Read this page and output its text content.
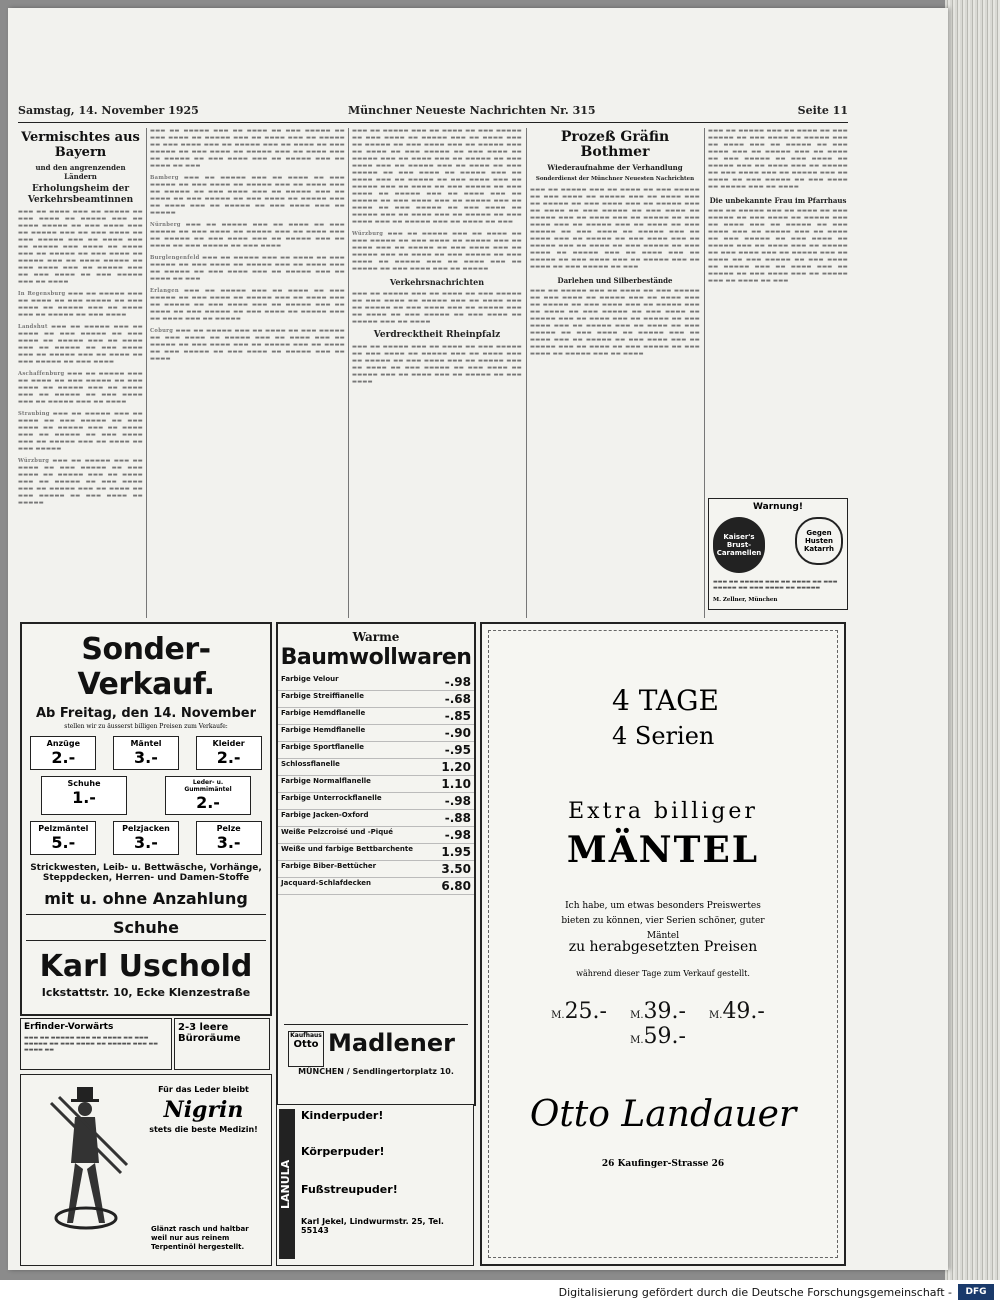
Samstag, 14. November 1925	Münchner Neueste Nachrichten Nr. 315	Seite 11
Vermischtes aus Bayern
und den angrenzenden Ländern
Erholungsheim der Verkehrsbeamtinnen
▬▬▬ ▬▬ ▬▬▬▬ ▬▬▬ ▬▬ ▬▬▬▬▬ ▬▬ ▬▬▬ ▬▬▬▬ ▬▬ ▬▬▬▬▬ ▬▬▬ ▬▬ ▬▬▬▬ ▬▬▬▬▬ ▬▬ ▬▬▬ ▬▬▬▬ ▬▬▬ ▬▬ ▬▬▬▬▬ ▬▬▬ ▬▬ ▬▬▬ ▬▬▬▬ ▬▬ ▬▬▬ ▬▬▬▬▬ ▬▬▬ ▬▬ ▬▬▬▬ ▬▬▬ ▬▬ ▬▬▬▬▬ ▬▬▬ ▬▬▬▬ ▬▬ ▬▬▬▬ ▬▬▬ ▬▬ ▬▬▬▬▬ ▬▬ ▬▬▬ ▬▬▬▬ ▬▬ ▬▬▬▬▬ ▬▬▬ ▬▬ ▬▬▬▬ ▬▬▬▬▬ ▬▬ ▬▬▬ ▬▬▬▬ ▬▬▬ ▬▬ ▬▬▬▬▬ ▬▬▬ ▬▬ ▬▬▬ ▬▬▬▬ ▬▬ ▬▬▬ ▬▬▬▬▬ ▬▬▬ ▬▬ ▬▬▬▬
In Regensburg ▬▬▬ ▬▬ ▬▬▬▬▬ ▬▬▬ ▬▬ ▬▬▬▬ ▬▬ ▬▬▬ ▬▬▬▬▬ ▬▬ ▬▬▬ ▬▬▬▬ ▬▬ ▬▬▬▬▬ ▬▬▬ ▬▬ ▬▬▬▬ ▬▬▬ ▬▬ ▬▬▬▬▬ ▬▬ ▬▬▬ ▬▬▬▬
Landshut ▬▬▬ ▬▬ ▬▬▬▬▬ ▬▬▬ ▬▬ ▬▬▬▬ ▬▬ ▬▬▬ ▬▬▬▬▬ ▬▬ ▬▬▬ ▬▬▬▬ ▬▬ ▬▬▬▬▬ ▬▬▬ ▬▬ ▬▬▬▬ ▬▬▬ ▬▬ ▬▬▬▬▬ ▬▬ ▬▬▬ ▬▬▬▬ ▬▬▬ ▬▬ ▬▬▬▬▬ ▬▬▬ ▬▬ ▬▬▬▬ ▬▬ ▬▬▬ ▬▬▬▬▬ ▬▬ ▬▬▬ ▬▬▬▬
Aschaffenburg ▬▬▬ ▬▬ ▬▬▬▬▬ ▬▬▬ ▬▬ ▬▬▬▬ ▬▬ ▬▬▬ ▬▬▬▬▬ ▬▬ ▬▬▬ ▬▬▬▬ ▬▬ ▬▬▬▬▬ ▬▬▬ ▬▬ ▬▬▬▬ ▬▬▬ ▬▬ ▬▬▬▬▬ ▬▬ ▬▬▬ ▬▬▬▬ ▬▬▬ ▬▬ ▬▬▬▬▬ ▬▬▬ ▬▬ ▬▬▬▬
Straubing ▬▬▬ ▬▬ ▬▬▬▬▬ ▬▬▬ ▬▬ ▬▬▬▬ ▬▬ ▬▬▬ ▬▬▬▬▬ ▬▬ ▬▬▬ ▬▬▬▬ ▬▬ ▬▬▬▬▬ ▬▬▬ ▬▬ ▬▬▬▬ ▬▬▬ ▬▬ ▬▬▬▬▬ ▬▬ ▬▬▬ ▬▬▬▬ ▬▬▬ ▬▬ ▬▬▬▬▬ ▬▬▬ ▬▬ ▬▬▬▬ ▬▬ ▬▬▬ ▬▬▬▬▬
Würzburg ▬▬▬ ▬▬ ▬▬▬▬▬ ▬▬▬ ▬▬ ▬▬▬▬ ▬▬ ▬▬▬ ▬▬▬▬▬ ▬▬ ▬▬▬ ▬▬▬▬ ▬▬ ▬▬▬▬▬ ▬▬▬ ▬▬ ▬▬▬▬ ▬▬▬ ▬▬ ▬▬▬▬▬ ▬▬ ▬▬▬ ▬▬▬▬ ▬▬▬ ▬▬ ▬▬▬▬▬ ▬▬▬ ▬▬ ▬▬▬▬ ▬▬ ▬▬▬ ▬▬▬▬▬ ▬▬ ▬▬▬ ▬▬▬▬ ▬▬ ▬▬▬▬▬
▬▬▬ ▬▬ ▬▬▬▬▬ ▬▬▬ ▬▬ ▬▬▬▬ ▬▬ ▬▬▬ ▬▬▬▬▬ ▬▬ ▬▬▬ ▬▬▬▬ ▬▬ ▬▬▬▬▬ ▬▬▬ ▬▬ ▬▬▬▬ ▬▬▬ ▬▬ ▬▬▬▬▬ ▬▬ ▬▬▬ ▬▬▬▬ ▬▬▬ ▬▬ ▬▬▬▬▬ ▬▬▬ ▬▬ ▬▬▬▬ ▬▬ ▬▬▬ ▬▬▬▬▬ ▬▬ ▬▬▬ ▬▬▬▬ ▬▬ ▬▬▬▬▬ ▬▬▬ ▬▬ ▬▬▬▬ ▬▬▬ ▬▬ ▬▬▬▬▬ ▬▬ ▬▬▬ ▬▬▬▬ ▬▬▬ ▬▬ ▬▬▬▬▬ ▬▬▬ ▬▬ ▬▬▬▬ ▬▬ ▬▬▬
Bamberg ▬▬▬ ▬▬ ▬▬▬▬▬ ▬▬▬ ▬▬ ▬▬▬▬ ▬▬ ▬▬▬ ▬▬▬▬▬ ▬▬ ▬▬▬ ▬▬▬▬ ▬▬ ▬▬▬▬▬ ▬▬▬ ▬▬ ▬▬▬▬ ▬▬▬ ▬▬ ▬▬▬▬▬ ▬▬ ▬▬▬ ▬▬▬▬ ▬▬▬ ▬▬ ▬▬▬▬▬ ▬▬▬ ▬▬ ▬▬▬▬ ▬▬ ▬▬▬ ▬▬▬▬▬ ▬▬ ▬▬▬ ▬▬▬▬ ▬▬ ▬▬▬▬▬ ▬▬▬ ▬▬ ▬▬▬▬ ▬▬▬ ▬▬ ▬▬▬▬▬ ▬▬ ▬▬▬ ▬▬▬▬ ▬▬▬ ▬▬ ▬▬▬▬▬
Nürnberg ▬▬▬ ▬▬ ▬▬▬▬▬ ▬▬▬ ▬▬ ▬▬▬▬ ▬▬ ▬▬▬ ▬▬▬▬▬ ▬▬ ▬▬▬ ▬▬▬▬ ▬▬ ▬▬▬▬▬ ▬▬▬ ▬▬ ▬▬▬▬ ▬▬▬ ▬▬ ▬▬▬▬▬ ▬▬ ▬▬▬ ▬▬▬▬ ▬▬▬ ▬▬ ▬▬▬▬▬ ▬▬▬ ▬▬ ▬▬▬▬ ▬▬ ▬▬▬ ▬▬▬▬▬ ▬▬ ▬▬▬ ▬▬▬▬
Burglengenfeld ▬▬▬ ▬▬ ▬▬▬▬▬ ▬▬▬ ▬▬ ▬▬▬▬ ▬▬ ▬▬▬ ▬▬▬▬▬ ▬▬ ▬▬▬ ▬▬▬▬ ▬▬ ▬▬▬▬▬ ▬▬▬ ▬▬ ▬▬▬▬ ▬▬▬ ▬▬ ▬▬▬▬▬ ▬▬ ▬▬▬ ▬▬▬▬ ▬▬▬ ▬▬ ▬▬▬▬▬ ▬▬▬ ▬▬ ▬▬▬▬ ▬▬ ▬▬▬
Erlangen ▬▬▬ ▬▬ ▬▬▬▬▬ ▬▬▬ ▬▬ ▬▬▬▬ ▬▬ ▬▬▬ ▬▬▬▬▬ ▬▬ ▬▬▬ ▬▬▬▬ ▬▬ ▬▬▬▬▬ ▬▬▬ ▬▬ ▬▬▬▬ ▬▬▬ ▬▬ ▬▬▬▬▬ ▬▬ ▬▬▬ ▬▬▬▬ ▬▬▬ ▬▬ ▬▬▬▬▬ ▬▬▬ ▬▬ ▬▬▬▬ ▬▬ ▬▬▬ ▬▬▬▬▬ ▬▬ ▬▬▬ ▬▬▬▬ ▬▬ ▬▬▬▬▬ ▬▬▬ ▬▬ ▬▬▬▬ ▬▬▬ ▬▬ ▬▬▬▬▬
Coburg ▬▬▬ ▬▬ ▬▬▬▬▬ ▬▬▬ ▬▬ ▬▬▬▬ ▬▬ ▬▬▬ ▬▬▬▬▬ ▬▬ ▬▬▬ ▬▬▬▬ ▬▬ ▬▬▬▬▬ ▬▬▬ ▬▬ ▬▬▬▬ ▬▬▬ ▬▬ ▬▬▬▬▬ ▬▬ ▬▬▬ ▬▬▬▬ ▬▬▬ ▬▬ ▬▬▬▬▬ ▬▬▬ ▬▬ ▬▬▬▬ ▬▬ ▬▬▬ ▬▬▬▬▬ ▬▬ ▬▬▬ ▬▬▬▬ ▬▬ ▬▬▬▬▬ ▬▬▬ ▬▬ ▬▬▬▬
▬▬▬ ▬▬ ▬▬▬▬▬ ▬▬▬ ▬▬ ▬▬▬▬ ▬▬ ▬▬▬ ▬▬▬▬▬ ▬▬ ▬▬▬ ▬▬▬▬ ▬▬ ▬▬▬▬▬ ▬▬▬ ▬▬ ▬▬▬▬ ▬▬▬ ▬▬ ▬▬▬▬▬ ▬▬ ▬▬▬ ▬▬▬▬ ▬▬▬ ▬▬ ▬▬▬▬▬ ▬▬▬ ▬▬ ▬▬▬▬ ▬▬ ▬▬▬ ▬▬▬▬▬ ▬▬ ▬▬▬ ▬▬▬▬ ▬▬ ▬▬▬▬▬ ▬▬▬ ▬▬ ▬▬▬▬ ▬▬▬ ▬▬ ▬▬▬▬▬ ▬▬ ▬▬▬ ▬▬▬▬ ▬▬▬ ▬▬ ▬▬▬▬▬ ▬▬▬ ▬▬ ▬▬▬▬ ▬▬ ▬▬▬ ▬▬▬▬▬ ▬▬ ▬▬▬ ▬▬▬▬ ▬▬ ▬▬▬▬▬ ▬▬▬ ▬▬ ▬▬▬▬ ▬▬▬ ▬▬ ▬▬▬▬▬ ▬▬ ▬▬▬ ▬▬▬▬ ▬▬▬ ▬▬ ▬▬▬▬▬ ▬▬▬ ▬▬ ▬▬▬▬ ▬▬ ▬▬▬ ▬▬▬▬▬ ▬▬ ▬▬▬ ▬▬▬▬ ▬▬ ▬▬▬▬▬ ▬▬▬ ▬▬ ▬▬▬▬ ▬▬▬ ▬▬ ▬▬▬▬▬ ▬▬ ▬▬▬ ▬▬▬▬ ▬▬▬ ▬▬ ▬▬▬▬▬ ▬▬▬ ▬▬ ▬▬▬▬ ▬▬ ▬▬▬ ▬▬▬▬▬ ▬▬ ▬▬▬ ▬▬▬▬ ▬▬ ▬▬▬▬▬ ▬▬▬ ▬▬ ▬▬▬▬ ▬▬▬ ▬▬ ▬▬▬▬▬ ▬▬ ▬▬▬ ▬▬▬▬ ▬▬▬ ▬▬ ▬▬▬▬▬ ▬▬▬ ▬▬ ▬▬▬▬ ▬▬ ▬▬▬
Würzburg ▬▬▬ ▬▬ ▬▬▬▬▬ ▬▬▬ ▬▬ ▬▬▬▬ ▬▬ ▬▬▬ ▬▬▬▬▬ ▬▬ ▬▬▬ ▬▬▬▬ ▬▬ ▬▬▬▬▬ ▬▬▬ ▬▬ ▬▬▬▬ ▬▬▬ ▬▬ ▬▬▬▬▬ ▬▬ ▬▬▬ ▬▬▬▬ ▬▬▬ ▬▬ ▬▬▬▬▬ ▬▬▬ ▬▬ ▬▬▬▬ ▬▬ ▬▬▬ ▬▬▬▬▬ ▬▬ ▬▬▬ ▬▬▬▬ ▬▬ ▬▬▬▬▬ ▬▬▬ ▬▬ ▬▬▬▬ ▬▬▬ ▬▬ ▬▬▬▬▬ ▬▬ ▬▬▬ ▬▬▬▬ ▬▬▬ ▬▬ ▬▬▬▬▬
Verkehrsnachrichten
▬▬▬ ▬▬ ▬▬▬▬▬ ▬▬▬ ▬▬ ▬▬▬▬ ▬▬ ▬▬▬ ▬▬▬▬▬ ▬▬ ▬▬▬ ▬▬▬▬ ▬▬ ▬▬▬▬▬ ▬▬▬ ▬▬ ▬▬▬▬ ▬▬▬ ▬▬ ▬▬▬▬▬ ▬▬ ▬▬▬ ▬▬▬▬ ▬▬▬ ▬▬ ▬▬▬▬▬ ▬▬▬ ▬▬ ▬▬▬▬ ▬▬ ▬▬▬ ▬▬▬▬▬ ▬▬ ▬▬▬ ▬▬▬▬ ▬▬ ▬▬▬▬▬ ▬▬▬ ▬▬ ▬▬▬▬
Verdrecktheit Rheinpfalz
▬▬▬ ▬▬ ▬▬▬▬▬ ▬▬▬ ▬▬ ▬▬▬▬ ▬▬ ▬▬▬ ▬▬▬▬▬ ▬▬ ▬▬▬ ▬▬▬▬ ▬▬ ▬▬▬▬▬ ▬▬▬ ▬▬ ▬▬▬▬ ▬▬▬ ▬▬ ▬▬▬▬▬ ▬▬ ▬▬▬ ▬▬▬▬ ▬▬▬ ▬▬ ▬▬▬▬▬ ▬▬▬ ▬▬ ▬▬▬▬ ▬▬ ▬▬▬ ▬▬▬▬▬ ▬▬ ▬▬▬ ▬▬▬▬ ▬▬ ▬▬▬▬▬ ▬▬▬ ▬▬ ▬▬▬▬ ▬▬▬ ▬▬ ▬▬▬▬▬ ▬▬ ▬▬▬ ▬▬▬▬
Prozeß Gräfin Bothmer
Wiederaufnahme der Verhandlung
Sonderdienst der Münchner Neuesten Nachrichten
▬▬▬ ▬▬ ▬▬▬▬▬ ▬▬▬ ▬▬ ▬▬▬▬ ▬▬ ▬▬▬ ▬▬▬▬▬ ▬▬ ▬▬▬ ▬▬▬▬ ▬▬ ▬▬▬▬▬ ▬▬▬ ▬▬ ▬▬▬▬ ▬▬▬ ▬▬ ▬▬▬▬▬ ▬▬ ▬▬▬ ▬▬▬▬ ▬▬▬ ▬▬ ▬▬▬▬▬ ▬▬▬ ▬▬ ▬▬▬▬ ▬▬ ▬▬▬ ▬▬▬▬▬ ▬▬ ▬▬▬ ▬▬▬▬ ▬▬ ▬▬▬▬▬ ▬▬▬ ▬▬ ▬▬▬▬ ▬▬▬ ▬▬ ▬▬▬▬▬ ▬▬ ▬▬▬ ▬▬▬▬ ▬▬▬ ▬▬ ▬▬▬▬▬ ▬▬▬ ▬▬ ▬▬▬▬ ▬▬ ▬▬▬ ▬▬▬▬▬ ▬▬ ▬▬▬ ▬▬▬▬ ▬▬ ▬▬▬▬▬ ▬▬▬ ▬▬ ▬▬▬▬ ▬▬▬ ▬▬ ▬▬▬▬▬ ▬▬ ▬▬▬ ▬▬▬▬ ▬▬▬ ▬▬ ▬▬▬▬▬ ▬▬▬ ▬▬ ▬▬▬▬ ▬▬ ▬▬▬ ▬▬▬▬▬ ▬▬ ▬▬▬ ▬▬▬▬ ▬▬ ▬▬▬▬▬ ▬▬▬ ▬▬ ▬▬▬▬ ▬▬▬ ▬▬ ▬▬▬▬▬ ▬▬ ▬▬▬ ▬▬▬▬ ▬▬▬ ▬▬ ▬▬▬▬▬ ▬▬▬ ▬▬ ▬▬▬▬ ▬▬ ▬▬▬ ▬▬▬▬▬ ▬▬ ▬▬▬
Darlehen und Silberbestände
▬▬▬ ▬▬ ▬▬▬▬▬ ▬▬▬ ▬▬ ▬▬▬▬ ▬▬ ▬▬▬ ▬▬▬▬▬ ▬▬ ▬▬▬ ▬▬▬▬ ▬▬ ▬▬▬▬▬ ▬▬▬ ▬▬ ▬▬▬▬ ▬▬▬ ▬▬ ▬▬▬▬▬ ▬▬ ▬▬▬ ▬▬▬▬ ▬▬▬ ▬▬ ▬▬▬▬▬ ▬▬▬ ▬▬ ▬▬▬▬ ▬▬ ▬▬▬ ▬▬▬▬▬ ▬▬ ▬▬▬ ▬▬▬▬ ▬▬ ▬▬▬▬▬ ▬▬▬ ▬▬ ▬▬▬▬ ▬▬▬ ▬▬ ▬▬▬▬▬ ▬▬ ▬▬▬ ▬▬▬▬ ▬▬▬ ▬▬ ▬▬▬▬▬ ▬▬▬ ▬▬ ▬▬▬▬ ▬▬ ▬▬▬ ▬▬▬▬▬ ▬▬ ▬▬▬ ▬▬▬▬ ▬▬ ▬▬▬▬▬ ▬▬▬ ▬▬ ▬▬▬▬ ▬▬▬ ▬▬ ▬▬▬▬▬ ▬▬ ▬▬▬ ▬▬▬▬ ▬▬▬ ▬▬ ▬▬▬▬▬ ▬▬▬ ▬▬ ▬▬▬▬ ▬▬ ▬▬▬ ▬▬▬▬▬ ▬▬ ▬▬▬ ▬▬▬▬ ▬▬ ▬▬▬▬▬ ▬▬▬ ▬▬ ▬▬▬▬
▬▬▬ ▬▬ ▬▬▬▬▬ ▬▬▬ ▬▬ ▬▬▬▬ ▬▬ ▬▬▬ ▬▬▬▬▬ ▬▬ ▬▬▬ ▬▬▬▬ ▬▬ ▬▬▬▬▬ ▬▬▬ ▬▬ ▬▬▬▬ ▬▬▬ ▬▬ ▬▬▬▬▬ ▬▬ ▬▬▬ ▬▬▬▬ ▬▬▬ ▬▬ ▬▬▬▬▬ ▬▬▬ ▬▬ ▬▬▬▬ ▬▬ ▬▬▬ ▬▬▬▬▬ ▬▬ ▬▬▬ ▬▬▬▬ ▬▬ ▬▬▬▬▬ ▬▬▬ ▬▬ ▬▬▬▬ ▬▬▬ ▬▬ ▬▬▬▬▬ ▬▬ ▬▬▬ ▬▬▬▬ ▬▬▬ ▬▬ ▬▬▬▬▬ ▬▬▬ ▬▬ ▬▬▬▬ ▬▬ ▬▬▬ ▬▬▬▬▬ ▬▬ ▬▬▬ ▬▬▬▬ ▬▬ ▬▬▬▬▬ ▬▬▬ ▬▬ ▬▬▬▬
Die unbekannte Frau im Pfarrhaus
▬▬▬ ▬▬ ▬▬▬▬▬ ▬▬▬ ▬▬ ▬▬▬▬ ▬▬ ▬▬▬ ▬▬▬▬▬ ▬▬ ▬▬▬ ▬▬▬▬ ▬▬ ▬▬▬▬▬ ▬▬▬ ▬▬ ▬▬▬▬ ▬▬▬ ▬▬ ▬▬▬▬▬ ▬▬ ▬▬▬ ▬▬▬▬ ▬▬▬ ▬▬ ▬▬▬▬▬ ▬▬▬ ▬▬ ▬▬▬▬ ▬▬ ▬▬▬ ▬▬▬▬▬ ▬▬ ▬▬▬ ▬▬▬▬ ▬▬ ▬▬▬▬▬ ▬▬▬ ▬▬ ▬▬▬▬ ▬▬▬ ▬▬ ▬▬▬▬▬ ▬▬ ▬▬▬ ▬▬▬▬ ▬▬▬ ▬▬ ▬▬▬▬▬ ▬▬▬ ▬▬ ▬▬▬▬ ▬▬ ▬▬▬ ▬▬▬▬▬ ▬▬ ▬▬▬ ▬▬▬▬ ▬▬ ▬▬▬▬▬ ▬▬▬ ▬▬ ▬▬▬▬ ▬▬▬ ▬▬ ▬▬▬▬▬ ▬▬ ▬▬▬ ▬▬▬▬ ▬▬▬ ▬▬ ▬▬▬▬▬ ▬▬▬ ▬▬ ▬▬▬▬ ▬▬ ▬▬▬
Warnung!
Kaiser's Brust-Caramellen
Gegen Husten Katarrh
▬▬▬ ▬▬ ▬▬▬▬▬ ▬▬▬ ▬▬ ▬▬▬▬ ▬▬ ▬▬▬ ▬▬▬▬▬ ▬▬ ▬▬▬ ▬▬▬▬ ▬▬ ▬▬▬▬▬
M. Zellner, München
Sonder-Verkauf.
Ab Freitag, den 14. November
stellen wir zu äusserst billigen Preisen zum Verkaufe:
Anzüge
2.-
Mäntel
3.-
Kleider
2.-
Schuhe
1.-
Leder- u. Gummimäntel
2.-
Pelzmäntel
5.-
Pelzjacken
3.-
Pelze
3.-
Strickwesten, Leib- u. Bettwäsche, Vorhänge, Steppdecken, Herren- und Damen-Stoffe
mit u. ohne Anzahlung
Schuhe
Karl Uschold
Ickstattstr. 10, Ecke Klenzestraße
Warme
Baumwollwaren
Farbige Velour	-.98
Farbige Streiffianelle	-.68
Farbige Hemdflanelle	-.85
Farbige Hemdflanelle	-.90
Farbige Sportflanelle	-.95
Schlossflanelle	1.20
Farbige Normalflanelle	1.10
Farbige Unterrockflanelle	-.98
Farbige Jacken-Oxford	-.88
Weiße Pelzcroisé und -Piqué	-.98
Weiße und farbige Bettbarchente 1.95
Farbige Biber-Bettücher	3.50
Jacquard-Schlafdecken	6.80
Kaufhaus
Otto Madlener
MÜNCHEN / Sendlingertorplatz 10.
4 TAGE
4 Serien
Extra billiger
MÄNTEL
Ich habe, um etwas besonders Preiswertes bieten zu können, vier Serien schöner, guter Mäntel
zu herabgesetzten Preisen
während dieser Tage zum Verkauf gestellt.
M.25.- M.39.- M.49.- M.59.-
Otto Landauer
26 Kaufinger-Strasse 26
Erfinder-Vorwärts
▬▬▬ ▬▬ ▬▬▬▬▬ ▬▬▬ ▬▬ ▬▬▬▬ ▬▬ ▬▬▬ ▬▬▬▬▬ ▬▬ ▬▬▬ ▬▬▬▬ ▬▬ ▬▬▬▬▬ ▬▬▬ ▬▬ ▬▬▬▬ ▬▬
2-3 leere Büroräume
Für das Leder bleibt
Nigrin
stets die beste Medizin!
Glänzt rasch und haltbar weil nur aus reinem Terpentinöl hergestellt.
LANULA
Kinderpuder!
Körperpuder!
Fußstreupuder!
Karl Jekel, Lindwurmstr. 25, Tel. 55143
Digitalisierung gefördert durch die Deutsche Forschungsgemeinschaft -	DFG
